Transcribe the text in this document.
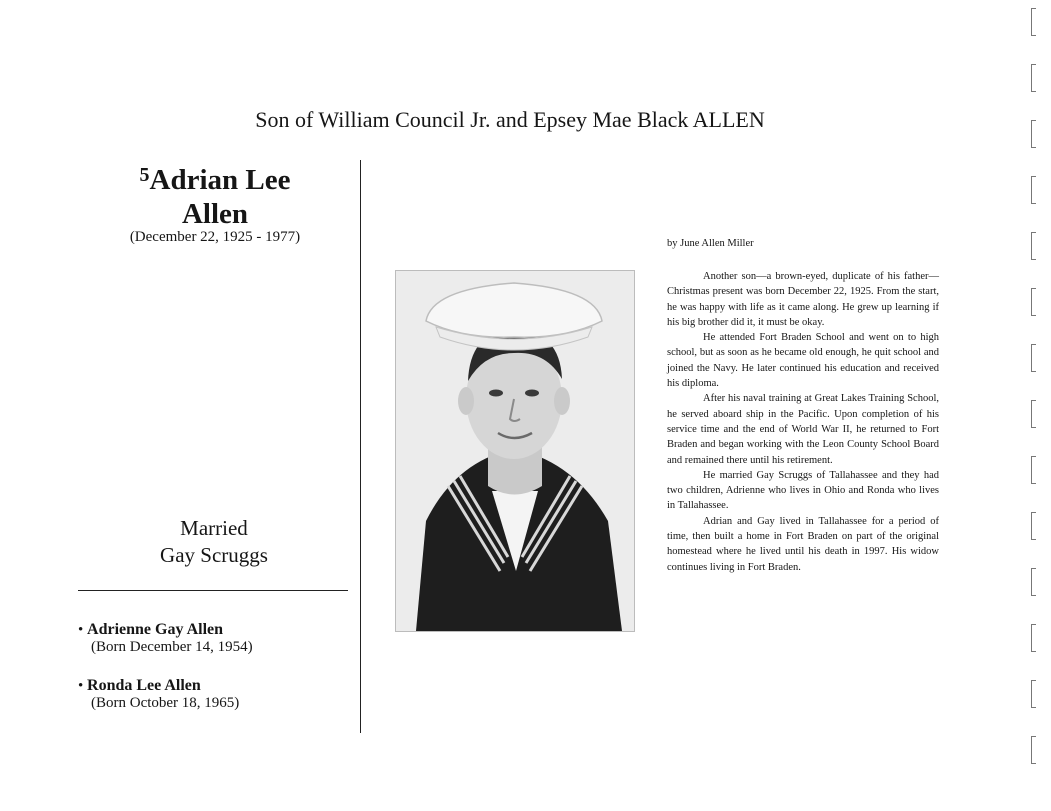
Son of William Council Jr. and Epsey Mae Black ALLEN
$^5$Adrian Lee
Allen
(December 22, 1925 - 1977)
Married
Gay Scruggs
• Adrienne Gay Allen
(Born December 14, 1954)
• Ronda Lee Allen
(Born October 18, 1965)
by June Allen Miller

Another son—a brown-eyed, duplicate of his father—Christmas present was born December 22, 1925. From the start, he was happy with life as it came along. He grew up learning if his big brother did it, it must be okay.

He attended Fort Braden School and went on to high school, but as soon as he became old enough, he quit school and joined the Navy. He later continued his education and received his diploma.

After his naval training at Great Lakes Training School, he served aboard ship in the Pacific. Upon completion of his service time and the end of World War II, he returned to Fort Braden and began working with the Leon County School Board and remained there until his retirement.

He married Gay Scruggs of Tallahassee and they had two children, Adrienne who lives in Ohio and Ronda who lives in Tallahassee.

Adrian and Gay lived in Tallahassee for a period of time, then built a home in Fort Braden on part of the original homestead where he lived until his death in 1997. His widow continues living in Fort Braden.
